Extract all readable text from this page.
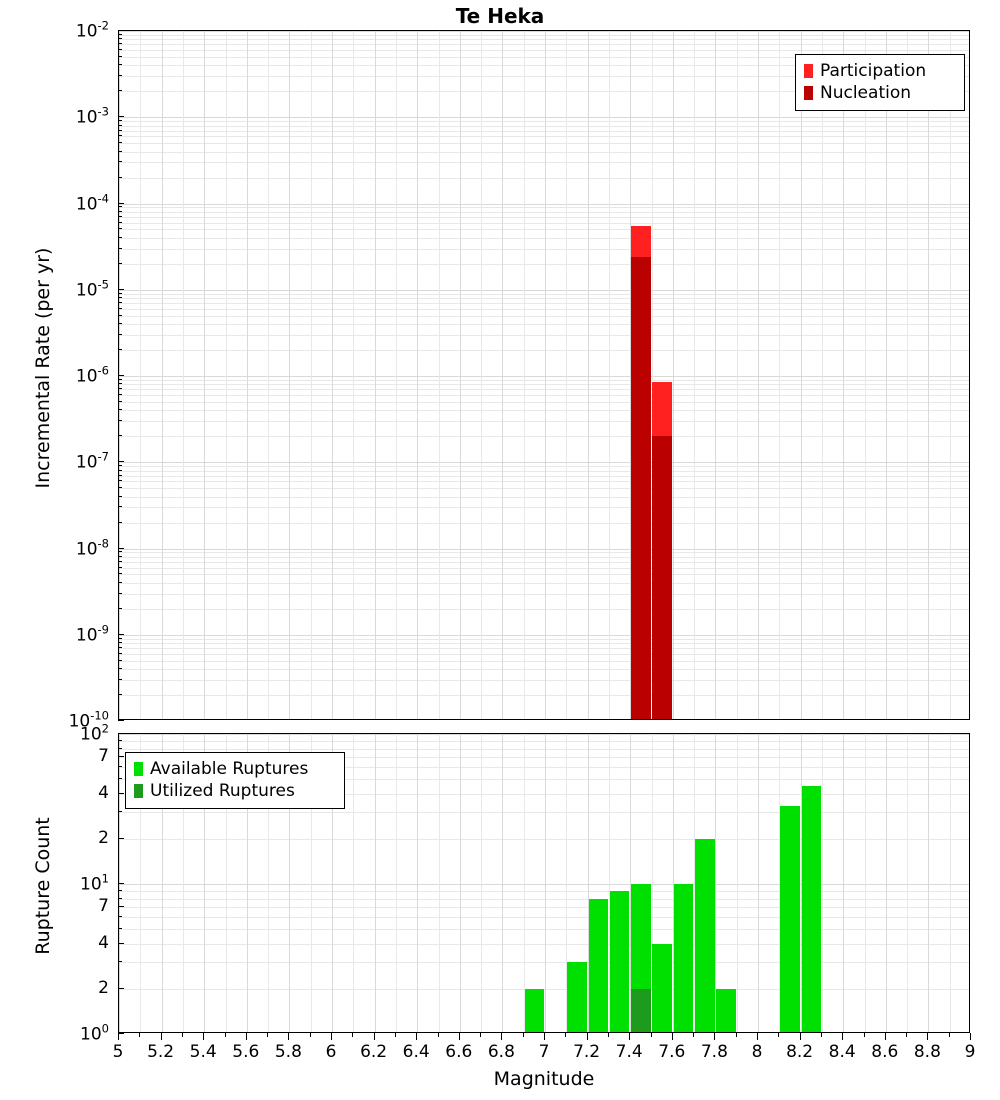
Te Heka
$10^{-10}$
$10^{-9}$
$10^{-8}$
$10^{-7}$
$10^{-6}$
$10^{-5}$
$10^{-4}$
$10^{-3}$
$10^{-2}$
Incremental Rate (per yr)
Participation
Nucleation
$10^0$
2
4
7
$10^1$
2
4
7
$10^2$
5 5.2 5.4 5.6 5.8 6 6.2 6.4 6.6 6.8 7 7.2 7.4 7.6 7.8 8 8.2 8.4 8.6 8.8 9
Rupture Count
Magnitude
Available Ruptures
Utilized Ruptures
